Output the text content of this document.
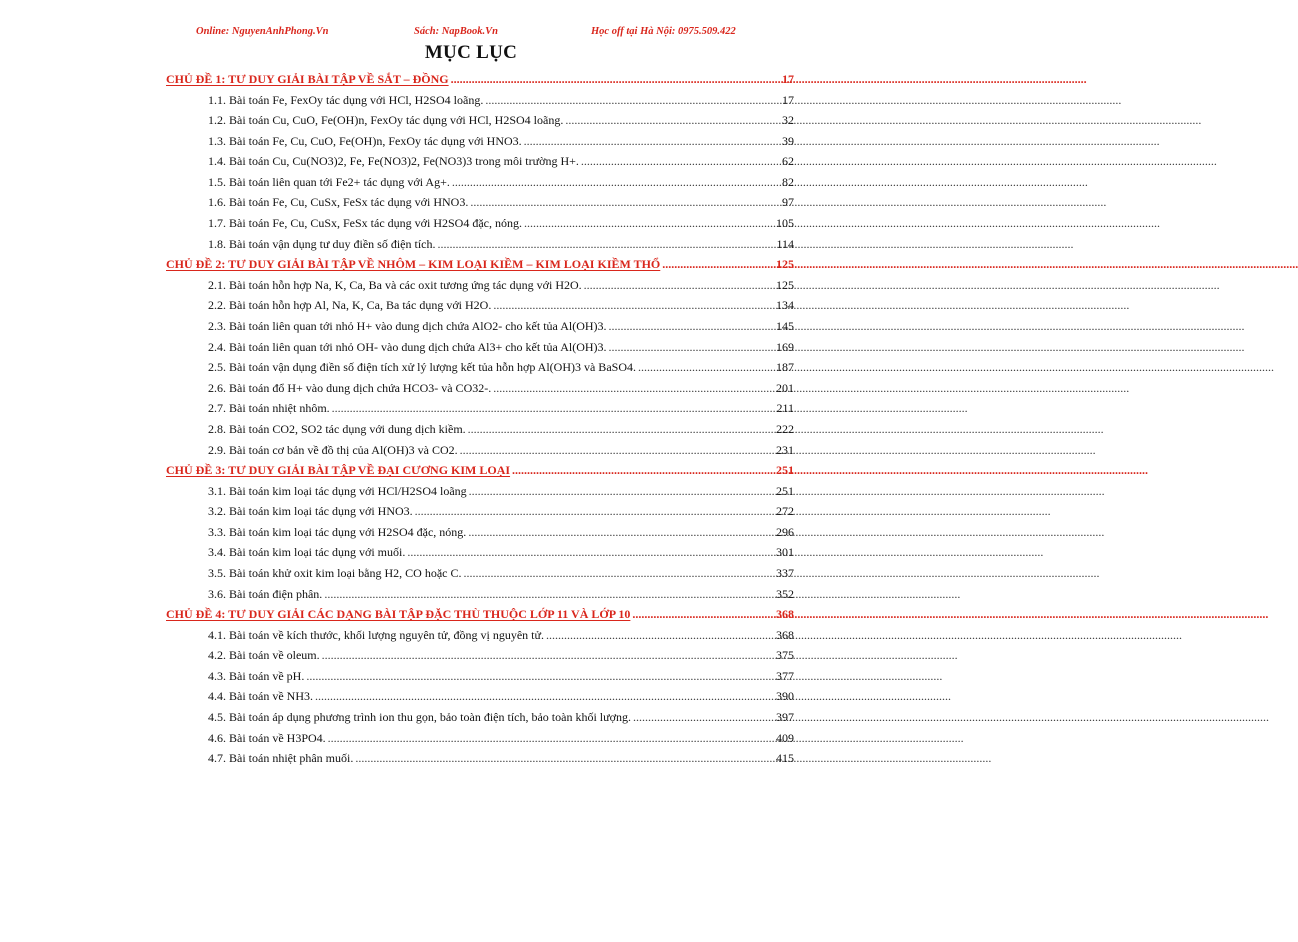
Online: NguyenAnhPhong.Vn	Sách: NapBook.Vn	Học off tại Hà Nội: 0975.509.422
MỤC LỤC
CHỦ ĐỀ 1: TƯ DUY GIẢI BÀI TẬP VỀ SẮT – ĐỒNG .....	17
1.1. Bài toán Fe, FexOy tác dụng với HCl, H2SO4 loãng. .....	17
1.2. Bài toán Cu, CuO, Fe(OH)n, FexOy tác dụng với HCl, H2SO4 loãng. .....	32
1.3. Bài toán Fe, Cu, CuO, Fe(OH)n, FexOy tác dụng với HNO3. .....	39
1.4. Bài toán Cu, Cu(NO3)2, Fe, Fe(NO3)2, Fe(NO3)3 trong môi trường H+. .....	62
1.5. Bài toán liên quan tới Fe2+ tác dụng với Ag+. .....	82
1.6. Bài toán Fe, Cu, CuSx, FeSx tác dụng với HNO3. .....	97
1.7. Bài toán Fe, Cu, CuSx, FeSx tác dụng với H2SO4 đặc, nóng. .....	105
1.8. Bài toán vận dụng tư duy điền số điện tích. .....	114
CHỦ ĐỀ 2: TƯ DUY GIẢI BÀI TẬP VỀ NHÔM – KIM LOẠI KIỀM – KIM LOẠI KIỀM THỔ .....	125
2.1. Bài toán hỗn hợp Na, K, Ca, Ba và các oxit tương ứng tác dụng với H2O. .....	125
2.2. Bài toán hỗn hợp Al, Na, K, Ca, Ba tác dụng với H2O. .....	134
2.3. Bài toán liên quan tới nhỏ H+ vào dung dịch chứa AlO2- cho kết tủa Al(OH)3. .....	145
2.4. Bài toán liên quan tới nhỏ OH- vào dung dịch chứa Al3+ cho kết tủa Al(OH)3. .....	169
2.5. Bài toán vận dụng điền số điện tích xử lý lượng kết tủa hỗn hợp Al(OH)3 và BaSO4. .....	187
2.6. Bài toán đổ H+ vào dung dịch chứa HCO3- và CO32-. .....	201
2.7. Bài toán nhiệt nhôm. .....	211
2.8. Bài toán CO2, SO2 tác dụng với dung dịch kiềm. .....	222
2.9. Bài toán cơ bản về đồ thị của Al(OH)3 và CO2. .....	231
CHỦ ĐỀ 3: TƯ DUY GIẢI BÀI TẬP VỀ ĐẠI CƯƠNG KIM LOẠI .....	251
3.1. Bài toán kim loại tác dụng với HCl/H2SO4 loãng .....	251
3.2. Bài toán kim loại tác dụng với HNO3. .....	272
3.3. Bài toán kim loại tác dụng với H2SO4 đặc, nóng. .....	296
3.4. Bài toán kim loại tác dụng với muối. .....	301
3.5. Bài toán khử oxit kim loại bằng H2, CO hoặc C. .....	337
3.6. Bài toán điện phân. .....	352
CHỦ ĐỀ 4: TƯ DUY GIẢI CÁC DẠNG BÀI TẬP ĐẶC THÙ THUỘC LỚP 11 VÀ LỚP 10 .....	368
4.1. Bài toán về kích thước, khối lượng nguyên tử, đồng vị nguyên tử. .....	368
4.2. Bài toán về oleum. .....	375
4.3. Bài toán về pH. .....	377
4.4. Bài toán về NH3. .....	390
4.5. Bài toán áp dụng phương trình ion thu gọn, bảo toàn điện tích, bảo toàn khối lượng. .....	397
4.6. Bài toán về H3PO4. .....	409
4.7. Bài toán nhiệt phân muối. .....	415
